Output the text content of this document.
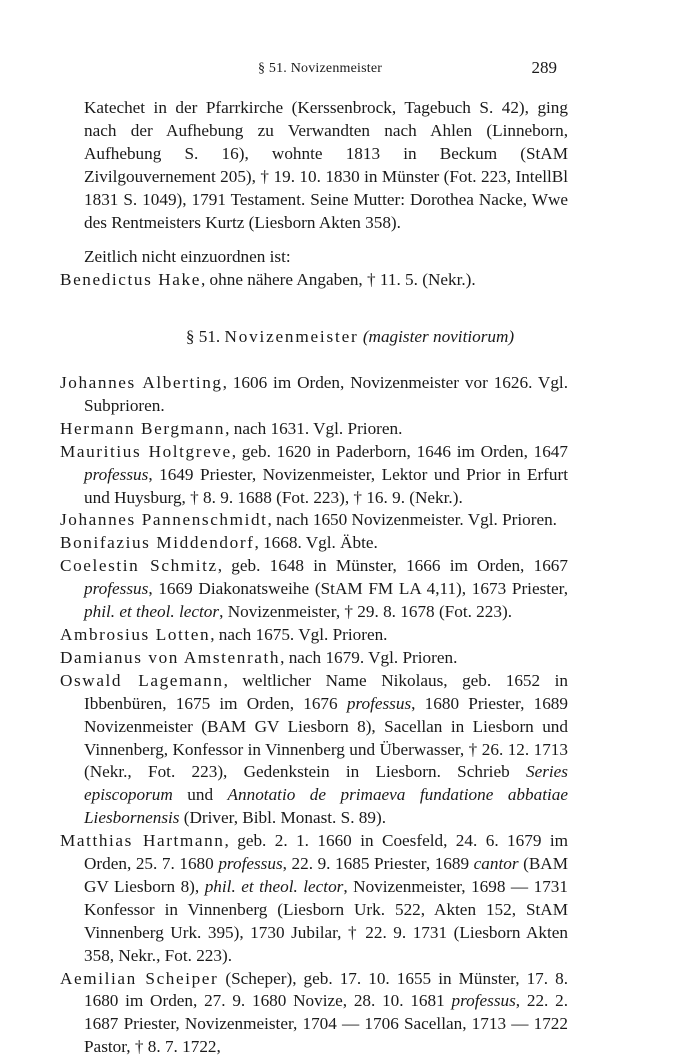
§ 51. Novizenmeister	289

Katechet in der Pfarrkirche (Kerssenbrock, Tagebuch S. 42), ging nach der Aufhebung zu Verwandten nach Ahlen (Linneborn, Aufhebung S. 16), wohnte 1813 in Beckum (StAM Zivilgouvernement 205), † 19. 10. 1830 in Münster (Fot. 223, IntellBl 1831 S. 1049), 1791 Testament. Seine Mutter: Dorothea Nacke, Wwe des Rentmeisters Kurtz (Liesborn Akten 358).

Zeitlich nicht einzuordnen ist:

Benedictus Hake, ohne nähere Angaben, † 11. 5. (Nekr.).

§ 51. Novizenmeister (magister novitiorum)

Johannes Alberting, 1606 im Orden, Novizenmeister vor 1626. Vgl. Subprioren.

Hermann Bergmann, nach 1631. Vgl. Prioren.

Mauritius Holtgreve, geb. 1620 in Paderborn, 1646 im Orden, 1647 professus, 1649 Priester, Novizenmeister, Lektor und Prior in Erfurt und Huysburg, † 8. 9. 1688 (Fot. 223), † 16. 9. (Nekr.).

Johannes Pannenschmidt, nach 1650 Novizenmeister. Vgl. Prioren.

Bonifazius Middendorf, 1668. Vgl. Äbte.

Coelestin Schmitz, geb. 1648 in Münster, 1666 im Orden, 1667 professus, 1669 Diakonatsweihe (StAM FM LA 4,11), 1673 Priester, phil. et theol. lector, Novizenmeister, † 29. 8. 1678 (Fot. 223).

Ambrosius Lotten, nach 1675. Vgl. Prioren.

Damianus von Amstenrath, nach 1679. Vgl. Prioren.

Oswald Lagemann, weltlicher Name Nikolaus, geb. 1652 in Ibbenbüren, 1675 im Orden, 1676 professus, 1680 Priester, 1689 Novizenmeister (BAM GV Liesborn 8), Sacellan in Liesborn und Vinnenberg, Konfessor in Vinnenberg und Überwasser, † 26. 12. 1713 (Nekr., Fot. 223), Gedenkstein in Liesborn. Schrieb Series episcoporum und Annotatio de primaeva fundatione abbatiae Liesbornensis (Driver, Bibl. Monast. S. 89).

Matthias Hartmann, geb. 2. 1. 1660 in Coesfeld, 24. 6. 1679 im Orden, 25. 7. 1680 professus, 22. 9. 1685 Priester, 1689 cantor (BAM GV Liesborn 8), phil. et theol. lector, Novizenmeister, 1698 — 1731 Konfessor in Vinnenberg (Liesborn Urk. 522, Akten 152, StAM Vinnenberg Urk. 395), 1730 Jubilar, † 22. 9. 1731 (Liesborn Akten 358, Nekr., Fot. 223).

Aemilian Scheiper (Scheper), geb. 17. 10. 1655 in Münster, 17. 8. 1680 im Orden, 27. 9. 1680 Novize, 28. 10. 1681 professus, 22. 2. 1687 Priester, Novizenmeister, 1704 — 1706 Sacellan, 1713 — 1722 Pastor, † 8. 7. 1722,
